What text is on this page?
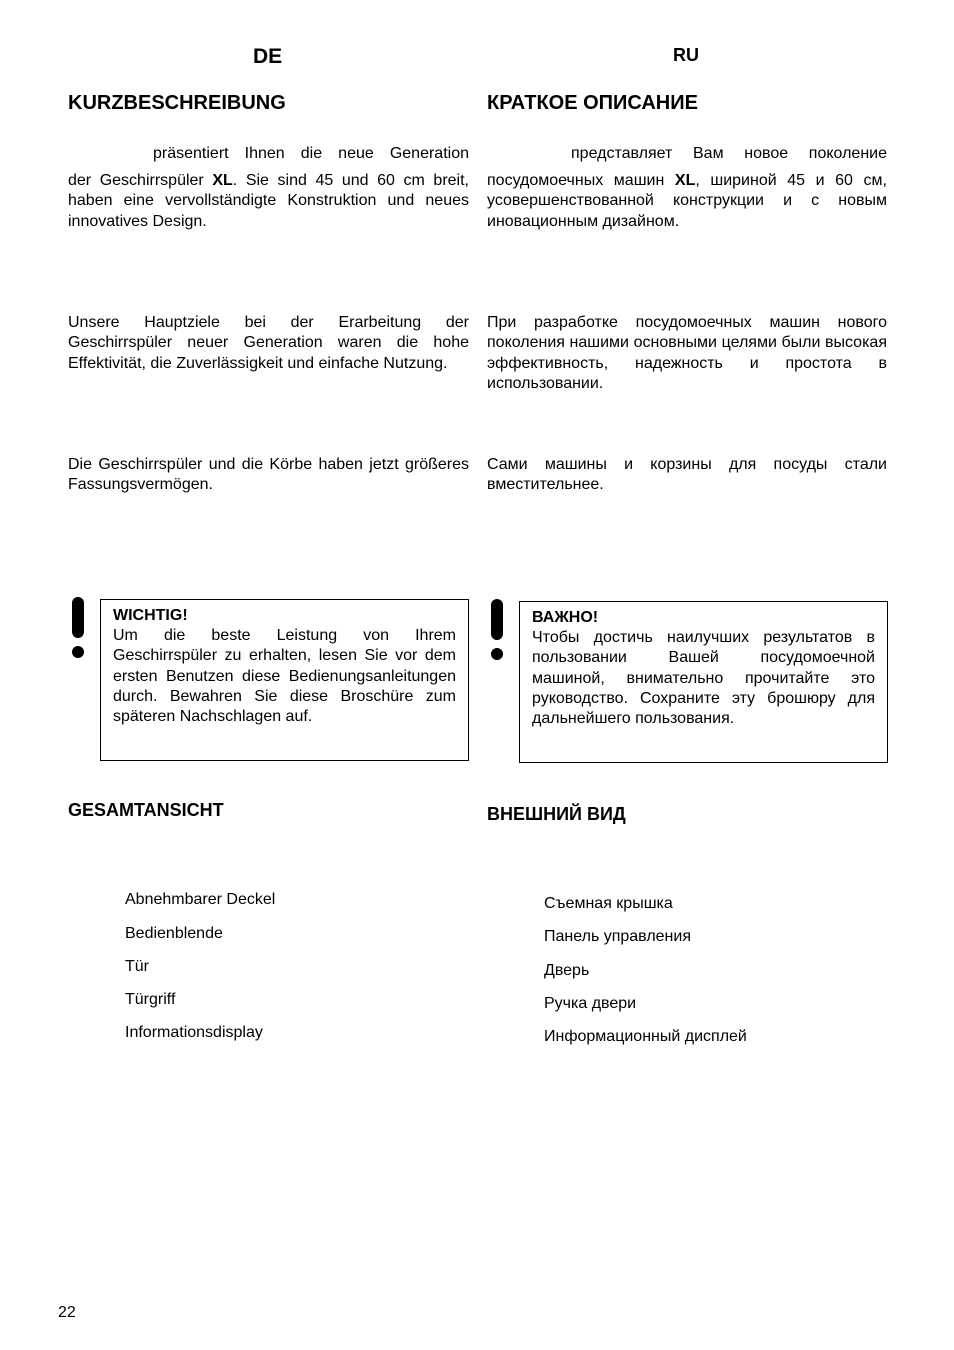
DE	RU
KURZBESCHREIBUNG	КРАТКОЕ ОПИСАНИЕ
präsentiert Ihnen die neue Generation	представляет Вам новое поколение

der Geschirrspüler XL. Sie sind 45 und 60 cm breit, haben eine vervollständigte Konstruktion und neues innovatives Design.

посудомоечных машин XL, шириной 45 и 60 см, усовершенствованной конструкции и с новым иновационным дизайном.

Unsere Hauptziele bei der Erarbeitung der Geschirrspüler neuer Generation waren die hohe Effektivität, die Zuverlässigkeit und einfache Nutzung.

При разработке посудомоечных машин нового поколения нашими основными целями были высокая эффективность, надежность и простота в использовании.

Die Geschirrspüler und die Körbe haben jetzt größeres Fassungsvermögen.

Сами машины и корзины для посуды стали вместительнее.

WICHTIG!

Um die beste Leistung von Ihrem Geschirrspüler zu erhalten, lesen Sie vor dem ersten Benutzen diese Bedienungsanleitungen durch. Bewahren Sie diese Broschüre zum späteren Nachschlagen auf.

ВАЖНО!

Чтобы достичь наилучших результатов в пользовании Вашей посудомоечной машиной, внимательно прочитайте это руководство. Сохраните эту брошюру для дальнейшего пользования.

GESAMTANSICHT	ВНЕШНИЙ ВИД
Abnehmbarer Deckel
Bedienblende
Tür
Türgriff
Informationsdisplay
Съемная крышка
Панель управления
Дверь
Ручка двери
Информационный дисплей
22
